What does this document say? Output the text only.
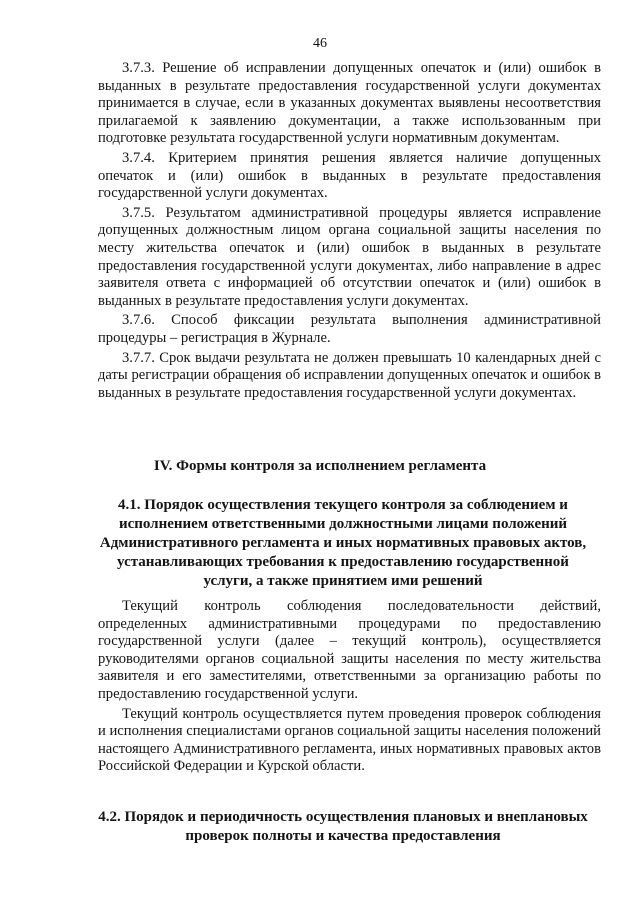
46

3.7.3. Решение об исправлении допущенных опечаток и (или) ошибок в выданных в результате предоставления государственной услуги документах принимается в случае, если в указанных документах выявлены несоответствия прилагаемой к заявлению документации, а также использованным при подготовке результата государственной услуги нормативным документам.

3.7.4. Критерием принятия решения является наличие допущенных опечаток и (или) ошибок в выданных в результате предоставления государственной услуги документах.

3.7.5. Результатом административной процедуры является исправление допущенных должностным лицом органа социальной защиты населения по месту жительства опечаток и (или) ошибок в выданных в результате предоставления государственной услуги документах, либо направление в адрес заявителя ответа с информацией об отсутствии опечаток и (или) ошибок в выданных в результате предоставления услуги документах.

3.7.6. Способ фиксации результата выполнения административной процедуры – регистрация в Журнале.

3.7.7. Срок выдачи результата не должен превышать 10 календарных дней с даты регистрации обращения об исправлении допущенных опечаток и ошибок в выданных в результате предоставления государственной услуги документах.

IV. Формы контроля за исполнением регламента
4.1. Порядок осуществления текущего контроля за соблюдением и исполнением ответственными должностными лицами положений Административного регламента и иных нормативных правовых актов, устанавливающих требования к предоставлению государственной услуги, а также принятием ими решений

Текущий контроль соблюдения последовательности действий, определенных административными процедурами по предоставлению государственной услуги (далее – текущий контроль), осуществляется руководителями органов социальной защиты населения по месту жительства заявителя и его заместителями, ответственными за организацию работы по предоставлению государственной услуги.

Текущий контроль осуществляется путем проведения проверок соблюдения и исполнения специалистами органов социальной защиты населения положений настоящего Административного регламента, иных нормативных правовых актов Российской Федерации и Курской области.

4.2. Порядок и периодичность осуществления плановых и внеплановых проверок полноты и качества предоставления
